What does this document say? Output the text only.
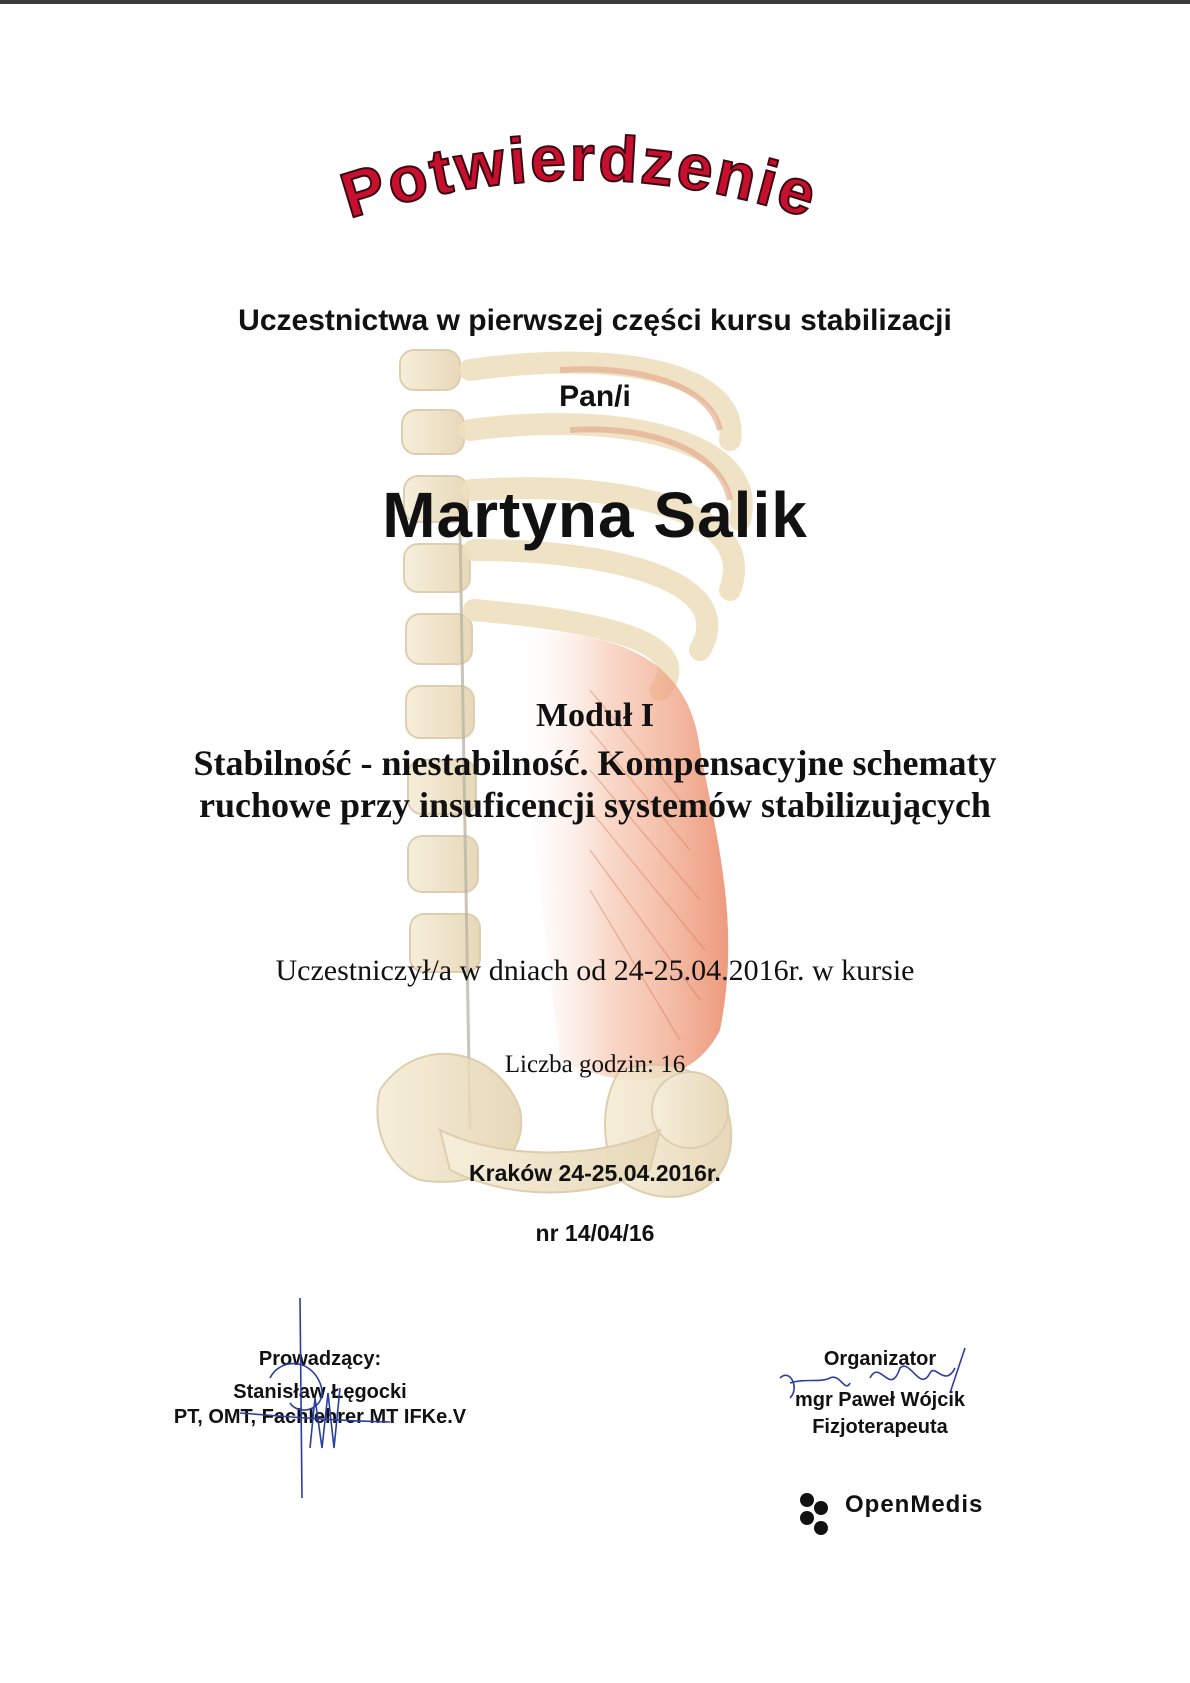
Potwierdzenie
Uczestnictwa w pierwszej części kursu stabilizacji
Pan/i
Martyna Salik
Moduł I
Stabilność - niestabilność. Kompensacyjne schematy
ruchowe przy insuficencji systemów stabilizujących
Uczestniczył/a w dniach od 24-25.04.2016r. w kursie
Liczba godzin: 16
Kraków 24-25.04.2016r.
nr 14/04/16
Prowadzący:
Stanisław Łęgocki
PT, OMT, Fachlehrer MT IFKe.V
Organizator
mgr Paweł Wójcik
Fizjoterapeuta
OpenMedis
